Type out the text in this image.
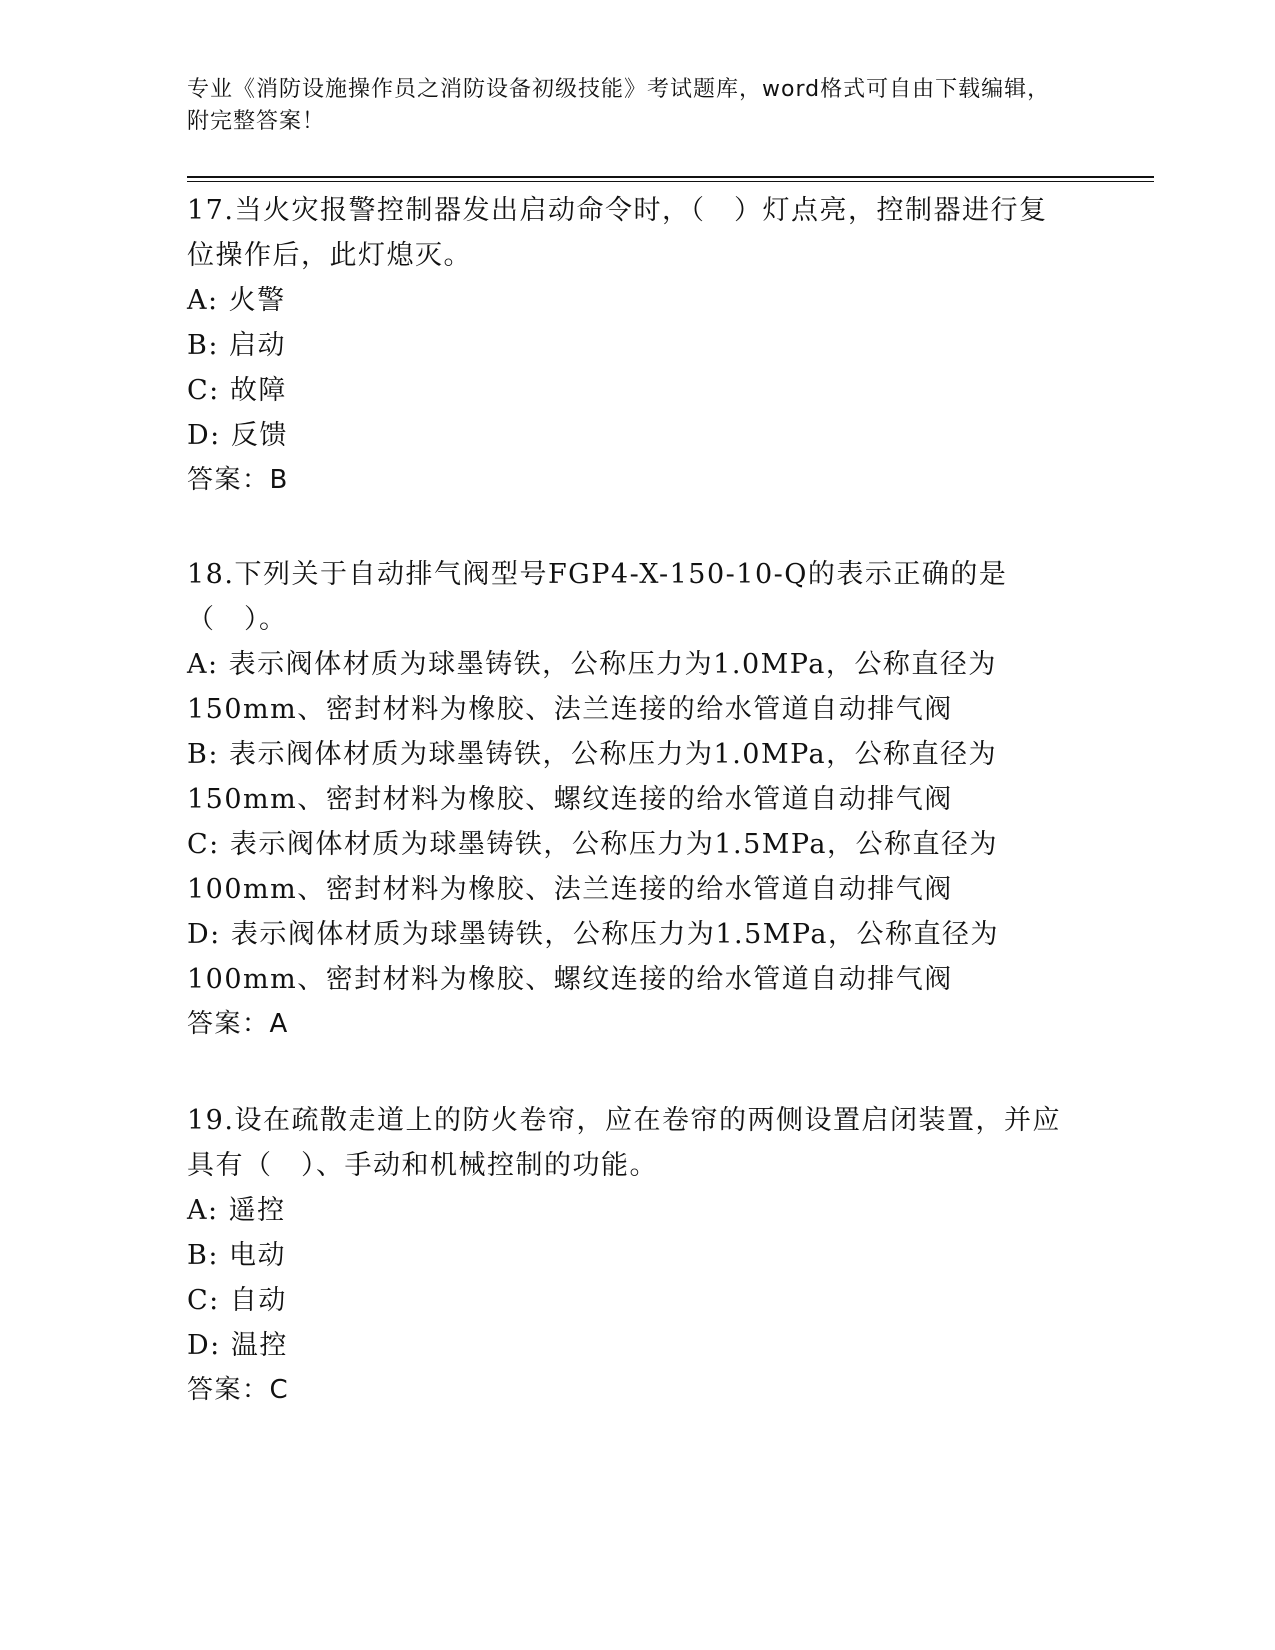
专业《消防设施操作员之消防设备初级技能》考试题库，word格式可自由下载编辑，附完整答案！

17.当火灾报警控制器发出启动命令时，（　）灯点亮，控制器进行复位操作后，此灯熄灭。

A: 火警

B: 启动

C: 故障

D: 反馈

答案：B

18.下列关于自动排气阀型号FGP4-X-150-10-Q的表示正确的是（　）。

A: 表示阀体材质为球墨铸铁，公称压力为1.0MPa，公称直径为150mm、密封材料为橡胶、法兰连接的给水管道自动排气阀

B: 表示阀体材质为球墨铸铁，公称压力为1.0MPa，公称直径为150mm、密封材料为橡胶、螺纹连接的给水管道自动排气阀

C: 表示阀体材质为球墨铸铁，公称压力为1.5MPa，公称直径为100mm、密封材料为橡胶、法兰连接的给水管道自动排气阀

D: 表示阀体材质为球墨铸铁，公称压力为1.5MPa，公称直径为100mm、密封材料为橡胶、螺纹连接的给水管道自动排气阀

答案：A

19.设在疏散走道上的防火卷帘，应在卷帘的两侧设置启闭装置，并应具有（　）、手动和机械控制的功能。

A: 遥控

B: 电动

C: 自动

D: 温控

答案：C
